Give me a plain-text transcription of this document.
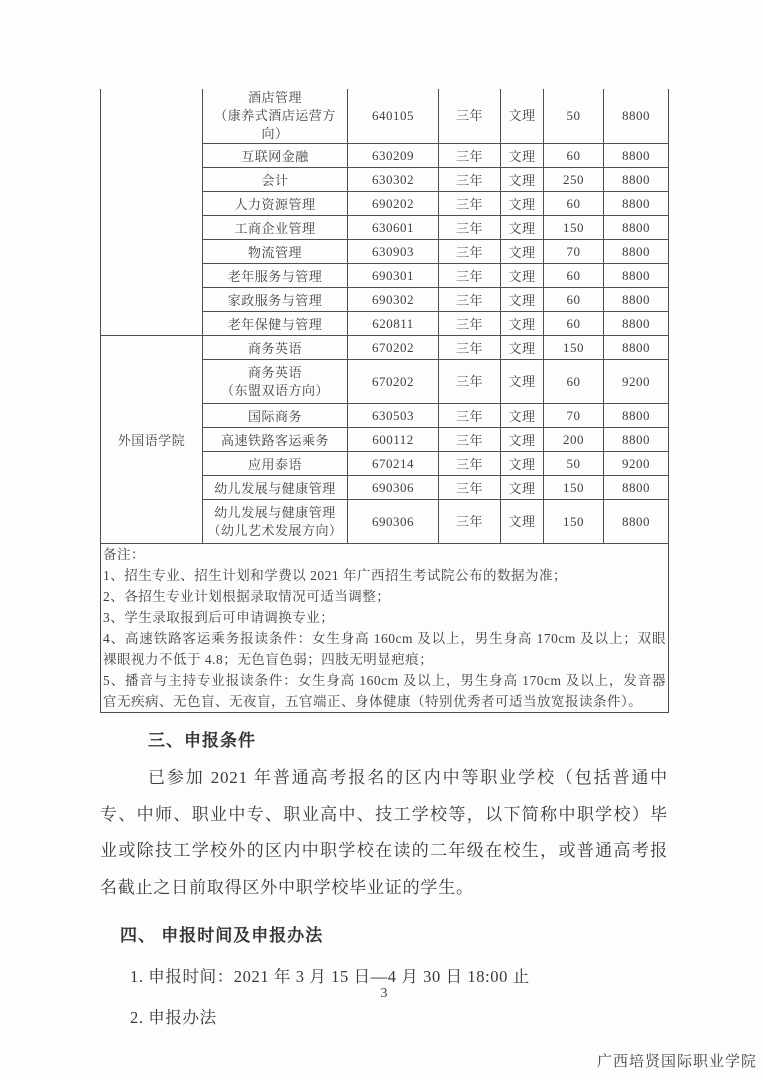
	酒店管理
（康养式酒店运营方向）	640105	三年	文理	50	8800

	互联网金融	630209	三年	文理	60	8800

	会计	630302	三年	文理	250	8800

	人力资源管理	690202	三年	文理	60	8800

	工商企业管理	630601	三年	文理	150	8800

	物流管理	630903	三年	文理	70	8800

	老年服务与管理	690301	三年	文理	60	8800

	家政服务与管理	690302	三年	文理	60	8800

	老年保健与管理	620811	三年	文理	60	8800
外国语学院	商务英语	670202	三年	文理	150	8800

	商务英语
（东盟双语方向）	670202	三年	文理	60	9200

	国际商务	630503	三年	文理	70	8800

	高速铁路客运乘务	600112	三年	文理	200	8800

	应用泰语	670214	三年	文理	50	9200

	幼儿发展与健康管理	690306	三年	文理	150	8800

	幼儿发展与健康管理
（幼儿艺术发展方向）	690306	三年	文理	150	8800

备注：
1、招生专业、招生计划和学费以 2021 年广西招生考试院公布的数据为准；
2、各招生专业计划根据录取情况可适当调整；
3、学生录取报到后可申请调换专业；
4、高速铁路客运乘务报读条件：女生身高 160cm 及以上，男生身高 170cm 及以上；双眼裸眼视力不低于 4.8；无色盲色弱；四肢无明显疤痕；
5、播音与主持专业报读条件：女生身高 160cm 及以上，男生身高 170cm 及以上，发音器官无疾病、无色盲、无夜盲，五官端正、身体健康（特别优秀者可适当放宽报读条件）。
三、申报条件

已参加 2021 年普通高考报名的区内中等职业学校（包括普通中专、中师、职业中专、职业高中、技工学校等，以下简称中职学校）毕业或除技工学校外的区内中职学校在读的二年级在校生，或普通高考报名截止之日前取得区外中职学校毕业证的学生。

四、 申报时间及申报办法

1. 申报时间：2021 年 3 月 15 日—4 月 30 日 18:00 止

2. 申报办法

3
广西培贤国际职业学院
